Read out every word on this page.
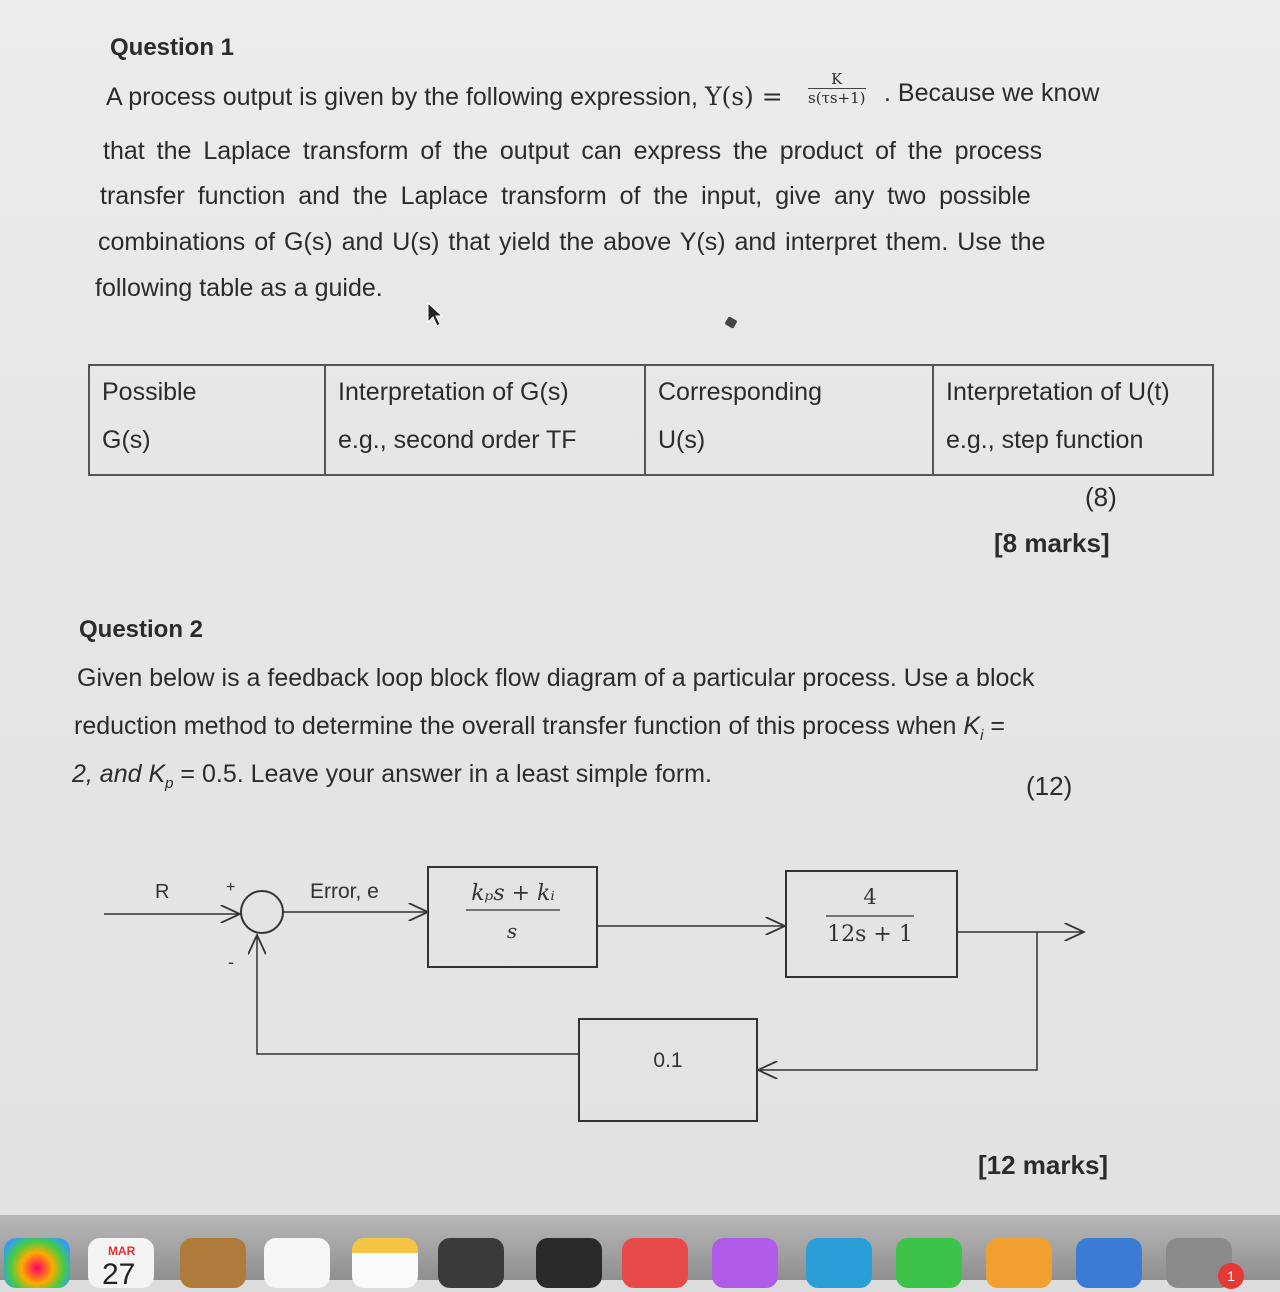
Question 1
A process output is given by the following expression, $Y(s) = \frac{K}{s(\tau s+1)}$ . Because we know
that the Laplace transform of the output can express the product of the process
transfer function and the Laplace transform of the input, give any two possible
combinations of G(s) and U(s) that yield the above Y(s) and interpret them. Use the
following table as a guide.
Possible
G(s)

Interpretation of G(s)
e.g., second order TF

Corresponding
U(s)

Interpretation of U(t)
e.g., step function
(8)
[8 marks]
Question 2
Given below is a feedback loop block flow diagram of a particular process. Use a block
reduction method to determine the overall transfer function of this process when $K_i$ =
2, and $K_p = 0.5$. Leave your answer in a least simple form.	(12)
R	+
-
Error, e	kₚs + kᵢ
s
4
12s + 1
0.1
[12 marks]
MAR
27	1
